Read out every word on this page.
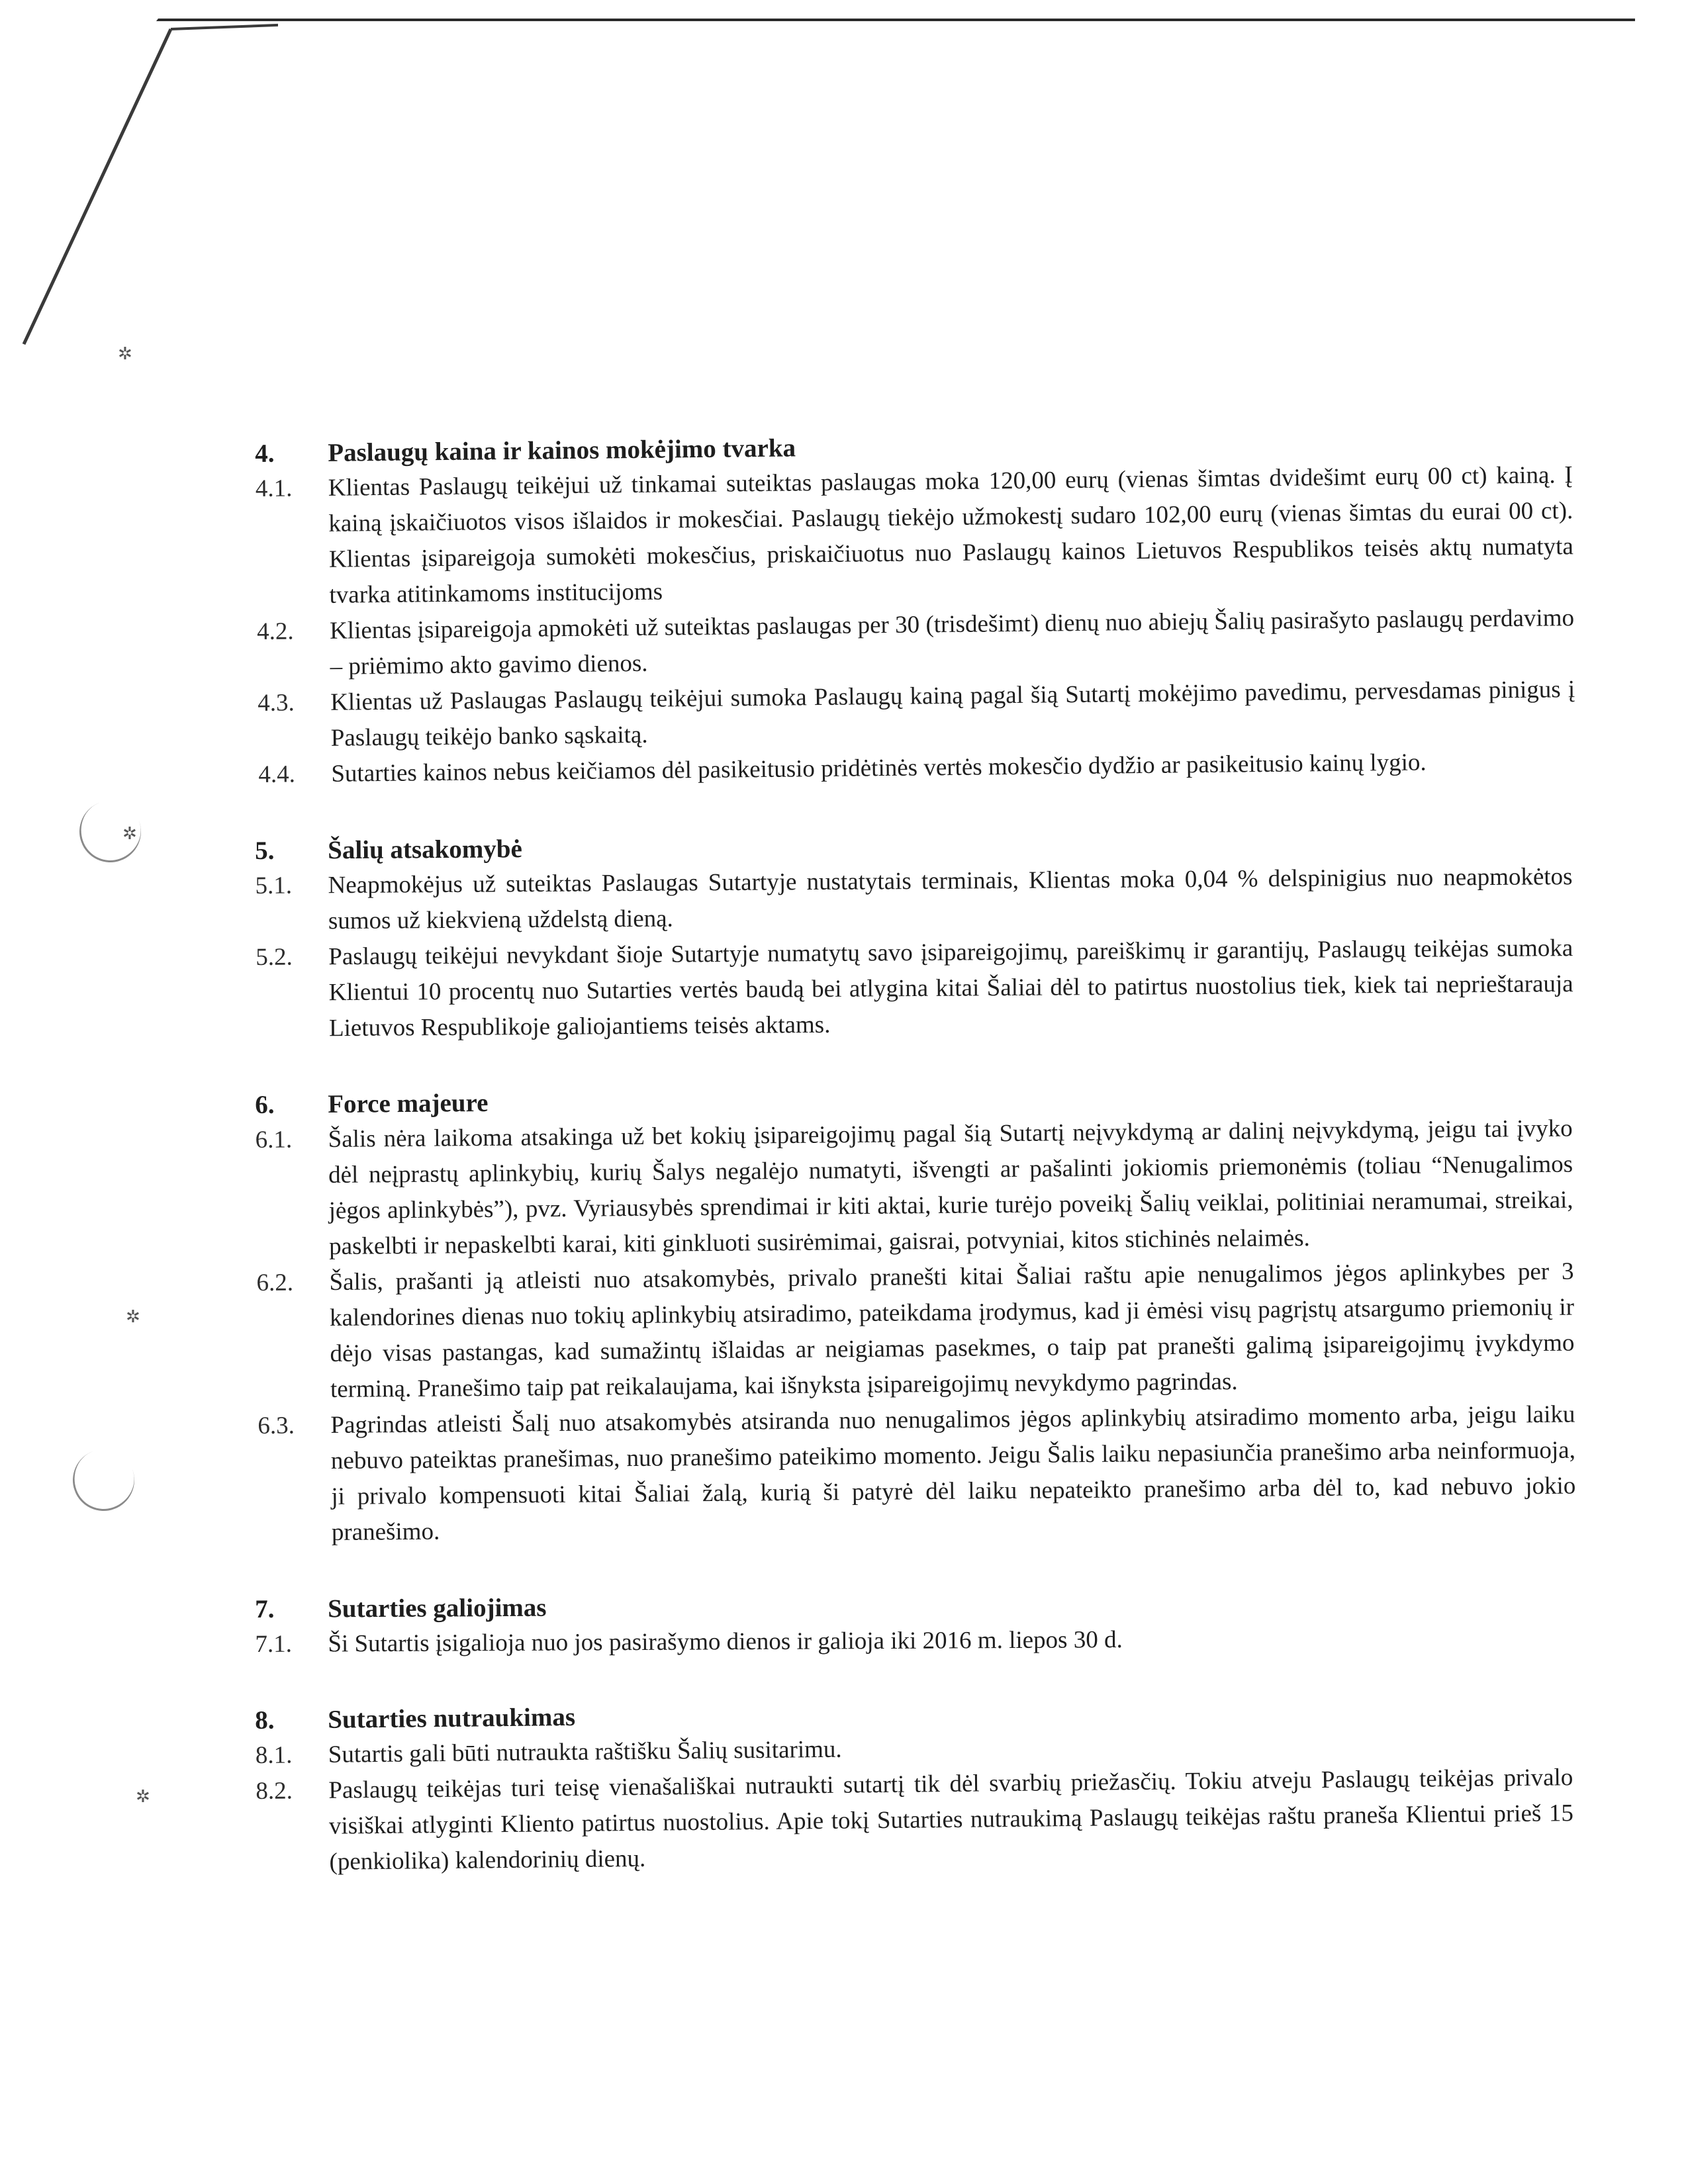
✲
✲
✲
✲
4.	Paslaugų kaina ir kainos mokėjimo tvarka
4.1.	Klientas Paslaugų teikėjui už tinkamai suteiktas paslaugas moka 120,00 eurų (vienas šimtas dvidešimt eurų 00 ct) kainą. Į kainą įskaičiuotos visos išlaidos ir mokesčiai. Paslaugų tiekėjo užmokestį sudaro 102,00 eurų (vienas šimtas du eurai 00 ct). Klientas įsipareigoja sumokėti mokesčius, priskaičiuotus nuo Paslaugų kainos Lietuvos Respublikos teisės aktų numatyta tvarka atitinkamoms institucijoms
4.2.	Klientas įsipareigoja apmokėti už suteiktas paslaugas per 30 (trisdešimt) dienų nuo abiejų Šalių pasirašyto paslaugų perdavimo – priėmimo akto gavimo dienos.
4.3.	Klientas už Paslaugas Paslaugų teikėjui sumoka Paslaugų kainą pagal šią Sutartį mokėjimo pavedimu, pervesdamas pinigus į Paslaugų teikėjo banko sąskaitą.
4.4.	Sutarties kainos nebus keičiamos dėl pasikeitusio pridėtinės vertės mokesčio dydžio ar pasikeitusio kainų lygio.
5.	Šalių atsakomybė
5.1.	Neapmokėjus už suteiktas Paslaugas Sutartyje nustatytais terminais, Klientas moka 0,04 % delspinigius nuo neapmokėtos sumos už kiekvieną uždelstą dieną.
5.2.	Paslaugų teikėjui nevykdant šioje Sutartyje numatytų savo įsipareigojimų, pareiškimų ir garantijų, Paslaugų teikėjas sumoka Klientui 10 procentų nuo Sutarties vertės baudą bei atlygina kitai Šaliai dėl to patirtus nuostolius tiek, kiek tai neprieštarauja Lietuvos Respublikoje galiojantiems teisės aktams.
6.	Force majeure
6.1.	Šalis nėra laikoma atsakinga už bet kokių įsipareigojimų pagal šią Sutartį neįvykdymą ar dalinį neįvykdymą, jeigu tai įvyko dėl neįprastų aplinkybių, kurių Šalys negalėjo numatyti, išvengti ar pašalinti jokiomis priemonėmis (toliau “Nenugalimos jėgos aplinkybės”), pvz. Vyriausybės sprendimai ir kiti aktai, kurie turėjo poveikį Šalių veiklai, politiniai neramumai, streikai, paskelbti ir nepaskelbti karai, kiti ginkluoti susirėmimai, gaisrai, potvyniai, kitos stichinės nelaimės.
6.2.	Šalis, prašanti ją atleisti nuo atsakomybės, privalo pranešti kitai Šaliai raštu apie nenugalimos jėgos aplinkybes per 3 kalendorines dienas nuo tokių aplinkybių atsiradimo, pateikdama įrodymus, kad ji ėmėsi visų pagrįstų atsargumo priemonių ir dėjo visas pastangas, kad sumažintų išlaidas ar neigiamas pasekmes, o taip pat pranešti galimą įsipareigojimų įvykdymo terminą. Pranešimo taip pat reikalaujama, kai išnyksta įsipareigojimų nevykdymo pagrindas.
6.3.	Pagrindas atleisti Šalį nuo atsakomybės atsiranda nuo nenugalimos jėgos aplinkybių atsiradimo momento arba, jeigu laiku nebuvo pateiktas pranešimas, nuo pranešimo pateikimo momento. Jeigu Šalis laiku nepasiunčia pranešimo arba neinformuoja, ji privalo kompensuoti kitai Šaliai žalą, kurią ši patyrė dėl laiku nepateikto pranešimo arba dėl to, kad nebuvo jokio pranešimo.
7.	Sutarties galiojimas
7.1.	Ši Sutartis įsigalioja nuo jos pasirašymo dienos ir galioja iki 2016 m. liepos 30 d.
8.	Sutarties nutraukimas
8.1.	Sutartis gali būti nutraukta raštišku Šalių susitarimu.
8.2.	Paslaugų teikėjas turi teisę vienašališkai nutraukti sutartį tik dėl svarbių priežasčių. Tokiu atveju Paslaugų teikėjas privalo visiškai atlyginti Kliento patirtus nuostolius. Apie tokį Sutarties nutraukimą Paslaugų teikėjas raštu praneša Klientui prieš 15 (penkiolika) kalendorinių dienų.
